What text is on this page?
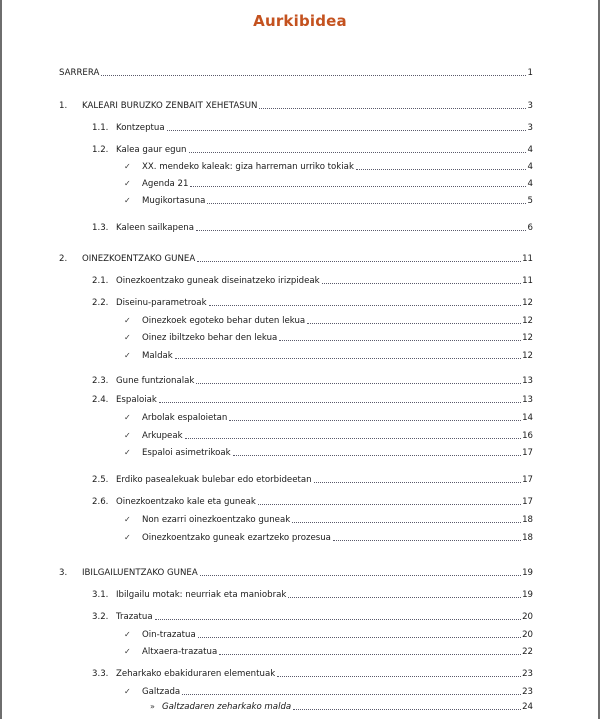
Aurkibidea
SARRERA	1
1.	KALEARI BURUZKO ZENBAIT XEHETASUN	3
1.1. Kontzeptua	3
1.2. Kalea gaur egun	4
✓	XX. mendeko kaleak: giza harreman urriko tokiak	4
✓	Agenda 21	4
✓	Mugikortasuna	5
1.3. Kaleen sailkapena	6
2.	OINEZKOENTZAKO GUNEA	11
2.1. Oinezkoentzako guneak diseinatzeko irizpideak	11
2.2. Diseinu-parametroak	12
✓	Oinezkoek egoteko behar duten lekua	12
✓	Oinez ibiltzeko behar den lekua	12
✓	Maldak	12
2.3. Gune funtzionalak	13
2.4. Espaloiak	13
✓	Arbolak espaloietan	14
✓	Arkupeak	16
✓	Espaloi asimetrikoak	17
2.5. Erdiko pasealekuak bulebar edo etorbideetan	17
2.6. Oinezkoentzako kale eta guneak	17
✓	Non ezarri oinezkoentzako guneak	18
✓	Oinezkoentzako guneak ezartzeko prozesua	18
3.	IBILGAILUENTZAKO GUNEA	19
3.1. Ibilgailu motak: neurriak eta maniobrak	19
3.2. Trazatua	20
✓	Oin-trazatua	20
✓	Altxaera-trazatua	22
3.3. Zeharkako ebakiduraren elementuak	23
✓	Galtzada	23
» Galtzadaren zeharkako malda	24
